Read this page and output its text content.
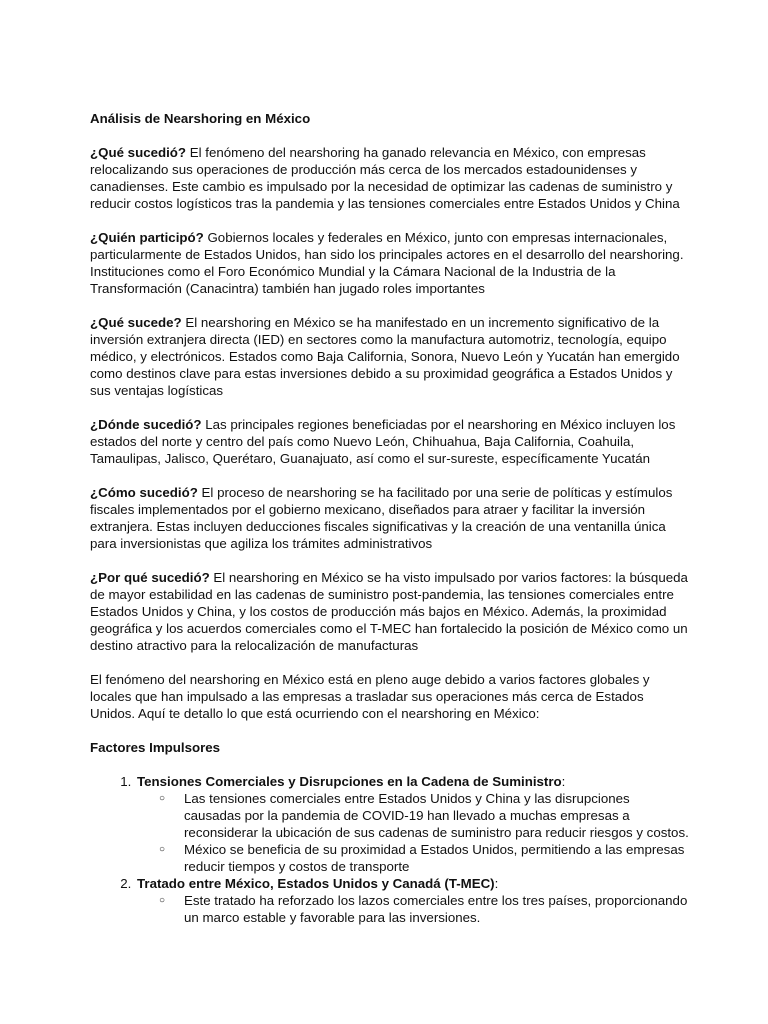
Análisis de Nearshoring en México

¿Qué sucedió? El fenómeno del nearshoring ha ganado relevancia en México, con empresas relocalizando sus operaciones de producción más cerca de los mercados estadounidenses y canadienses. Este cambio es impulsado por la necesidad de optimizar las cadenas de suministro y reducir costos logísticos tras la pandemia y las tensiones comerciales entre Estados Unidos y China

¿Quién participó? Gobiernos locales y federales en México, junto con empresas internacionales, particularmente de Estados Unidos, han sido los principales actores en el desarrollo del nearshoring. Instituciones como el Foro Económico Mundial y la Cámara Nacional de la Industria de la Transformación (Canacintra) también han jugado roles importantes

¿Qué sucede? El nearshoring en México se ha manifestado en un incremento significativo de la inversión extranjera directa (IED) en sectores como la manufactura automotriz, tecnología, equipo médico, y electrónicos. Estados como Baja California, Sonora, Nuevo León y Yucatán han emergido como destinos clave para estas inversiones debido a su proximidad geográfica a Estados Unidos y sus ventajas logísticas

¿Dónde sucedió? Las principales regiones beneficiadas por el nearshoring en México incluyen los estados del norte y centro del país como Nuevo León, Chihuahua, Baja California, Coahuila, Tamaulipas, Jalisco, Querétaro, Guanajuato, así como el sur-sureste, específicamente Yucatán

¿Cómo sucedió? El proceso de nearshoring se ha facilitado por una serie de políticas y estímulos fiscales implementados por el gobierno mexicano, diseñados para atraer y facilitar la inversión extranjera. Estas incluyen deducciones fiscales significativas y la creación de una ventanilla única para inversionistas que agiliza los trámites administrativos

¿Por qué sucedió? El nearshoring en México se ha visto impulsado por varios factores: la búsqueda de mayor estabilidad en las cadenas de suministro post-pandemia, las tensiones comerciales entre Estados Unidos y China, y los costos de producción más bajos en México. Además, la proximidad geográfica y los acuerdos comerciales como el T-MEC han fortalecido la posición de México como un destino atractivo para la relocalización de manufacturas

El fenómeno del nearshoring en México está en pleno auge debido a varios factores globales y locales que han impulsado a las empresas a trasladar sus operaciones más cerca de Estados Unidos. Aquí te detallo lo que está ocurriendo con el nearshoring en México:

Factores Impulsores
1. Tensiones Comerciales y Disrupciones en la Cadena de Suministro:
○ Las tensiones comerciales entre Estados Unidos y China y las disrupciones causadas por la pandemia de COVID-19 han llevado a muchas empresas a reconsiderar la ubicación de sus cadenas de suministro para reducir riesgos y costos.
○ México se beneficia de su proximidad a Estados Unidos, permitiendo a las empresas reducir tiempos y costos de transporte
2. Tratado entre México, Estados Unidos y Canadá (T-MEC):
○ Este tratado ha reforzado los lazos comerciales entre los tres países, proporcionando un marco estable y favorable para las inversiones.
